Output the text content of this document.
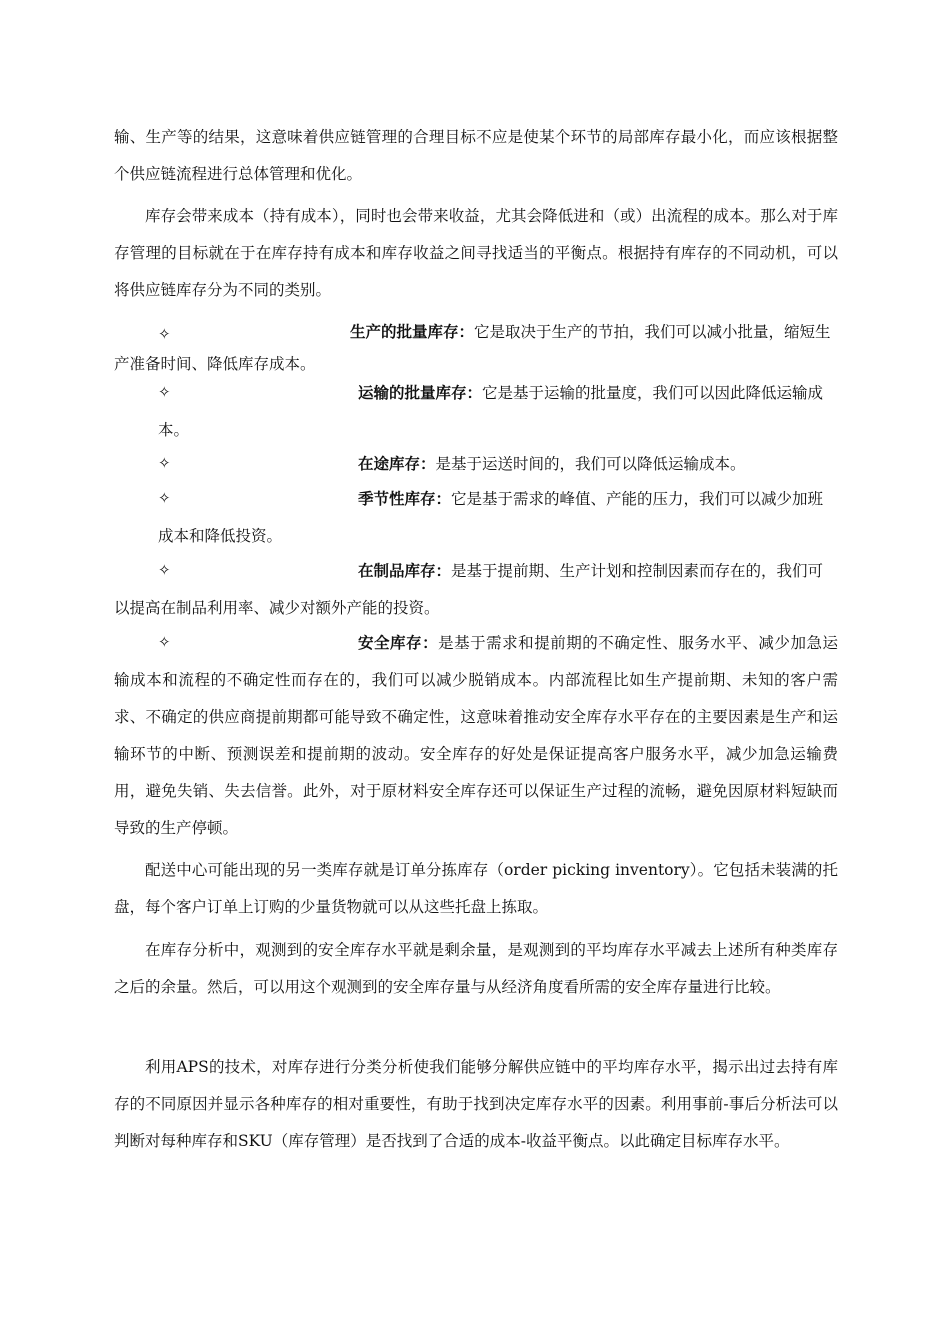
输、生产等的结果，这意味着供应链管理的合理目标不应是使某个环节的局部库存最小化，而应该根据整个供应链流程进行总体管理和优化。

库存会带来成本（持有成本），同时也会带来收益，尤其会降低进和（或）出流程的成本。那么对于库存管理的目标就在于在库存持有成本和库存收益之间寻找适当的平衡点。根据持有库存的不同动机，可以将供应链库存分为不同的类别。

✧	生产的批量库存：它是取决于生产的节拍，我们可以减小批量，缩短生产准备时间、降低库存成本。
✧	运输的批量库存：它是基于运输的批量度，我们可以因此降低运输成本。
✧	在途库存：是基于运送时间的，我们可以降低运输成本。
✧	季节性库存：它是基于需求的峰值、产能的压力，我们可以减少加班成本和降低投资。
✧	在制品库存：是基于提前期、生产计划和控制因素而存在的，我们可以提高在制品利用率、减少对额外产能的投资。
✧	安全库存：是基于需求和提前期的不确定性、服务水平、减少加急运输成本和流程的不确定性而存在的，我们可以减少脱销成本。内部流程比如生产提前期、未知的客户需求、不确定的供应商提前期都可能导致不确定性，这意味着推动安全库存水平存在的主要因素是生产和运输环节的中断、预测误差和提前期的波动。安全库存的好处是保证提高客户服务水平，减少加急运输费用，避免失销、失去信誉。此外，对于原材料安全库存还可以保证生产过程的流畅，避免因原材料短缺而导致的生产停顿。

配送中心可能出现的另一类库存就是订单分拣库存（order picking inventory）。它包括未装满的托盘，每个客户订单上订购的少量货物就可以从这些托盘上拣取。

在库存分析中，观测到的安全库存水平就是剩余量，是观测到的平均库存水平减去上述所有种类库存之后的余量。然后，可以用这个观测到的安全库存量与从经济角度看所需的安全库存量进行比较。

利用APS的技术，对库存进行分类分析使我们能够分解供应链中的平均库存水平，揭示出过去持有库存的不同原因并显示各种库存的相对重要性，有助于找到决定库存水平的因素。利用事前-事后分析法可以判断对每种库存和SKU（库存管理）是否找到了合适的成本-收益平衡点。以此确定目标库存水平。
